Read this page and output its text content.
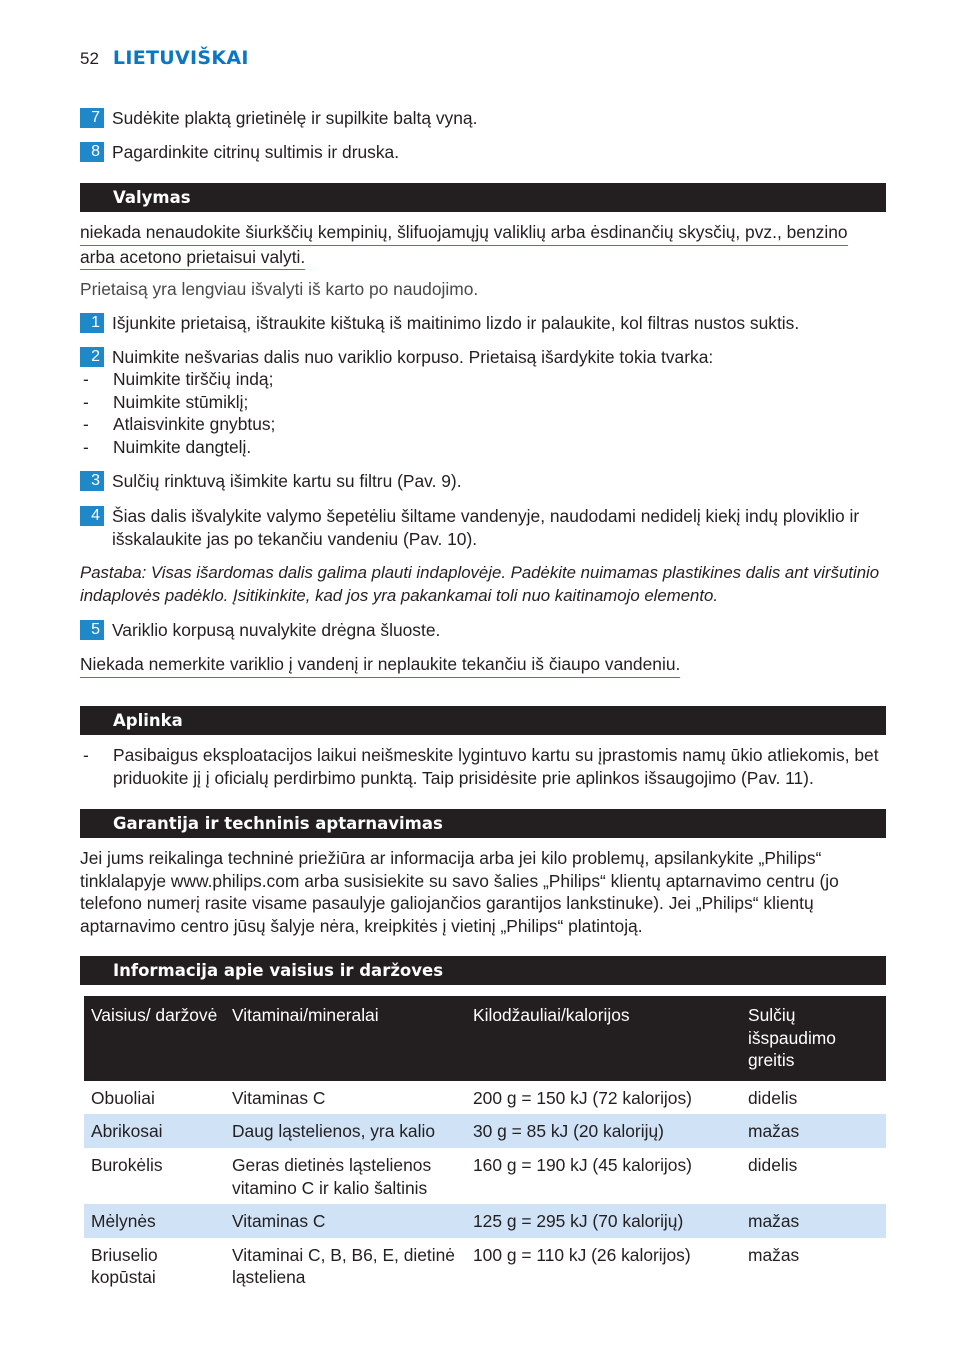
52 LIETUVIŠKAI
7 Sudėkite plaktą grietinėlę ir supilkite baltą vyną.
8 Pagardinkite citrinų sultimis ir druska.
Valymas
niekada nenaudokite šiurkščių kempinių, šlifuojamųjų valiklių arba ėsdinančių skysčių, pvz., benzino
arba acetono prietaisui valyti.
Prietaisą yra lengviau išvalyti iš karto po naudojimo.
1 Išjunkite prietaisą, ištraukite kištuką iš maitinimo lizdo ir palaukite, kol filtras nustos suktis.
2 Nuimkite nešvarias dalis nuo variklio korpuso. Prietaisą išardykite tokia tvarka:
- Nuimkite tirščių indą;
- Nuimkite stūmiklį;
- Atlaisvinkite gnybtus;
- Nuimkite dangtelį.
3 Sulčių rinktuvą išimkite kartu su filtru (Pav. 9).
4 Šias dalis išvalykite valymo šepetėliu šiltame vandenyje, naudodami nedidelį kiekį indų ploviklio ir išskalaukite jas po tekančiu vandeniu (Pav. 10).
Pastaba: Visas išardomas dalis galima plauti indaplovėje. Padėkite nuimamas plastikines dalis ant viršutinio indaplovės padėklo. Įsitikinkite, kad jos yra pakankamai toli nuo kaitinamojo elemento.
5 Variklio korpusą nuvalykite drėgna šluoste.
Niekada nemerkite variklio į vandenį ir neplaukite tekančiu iš čiaupo vandeniu.
Aplinka
- Pasibaigus eksploatacijos laikui neišmeskite lygintuvo kartu su įprastomis namų ūkio atliekomis, bet priduokite jį į oficialų perdirbimo punktą. Taip prisidėsite prie aplinkos išsaugojimo (Pav. 11).
Garantija ir techninis aptarnavimas
Jei jums reikalinga techninė priežiūra ar informacija arba jei kilo problemų, apsilankykite „Philips“ tinklalapyje www.philips.com arba susisiekite su savo šalies „Philips“ klientų aptarnavimo centru (jo telefono numerį rasite visame pasaulyje galiojančios garantijos lankstinuke). Jei „Philips“ klientų aptarnavimo centro jūsų šalyje nėra, kreipkitės į vietinį „Philips“ platintoją.
Informacija apie vaisius ir daržoves
Vaisius/ daržovė	Vitaminai/mineralai	Kilodžauliai/kalorijos	Sulčių išspaudimo greitis
Obuoliai	Vitaminas C	200 g = 150 kJ (72 kalorijos)	didelis
Abrikosai	Daug ląstelienos, yra kalio	30 g = 85 kJ (20 kalorijų)	mažas
Burokėlis	Geras dietinės ląstelienos vitamino C ir kalio šaltinis	160 g = 190 kJ (45 kalorijos)	didelis
Mėlynės	Vitaminas C	125 g = 295 kJ (70 kalorijų)	mažas
Briuselio kopūstai	Vitaminai C, B, B6, E, dietinė ląsteliena	100 g = 110 kJ (26 kalorijos)	mažas
